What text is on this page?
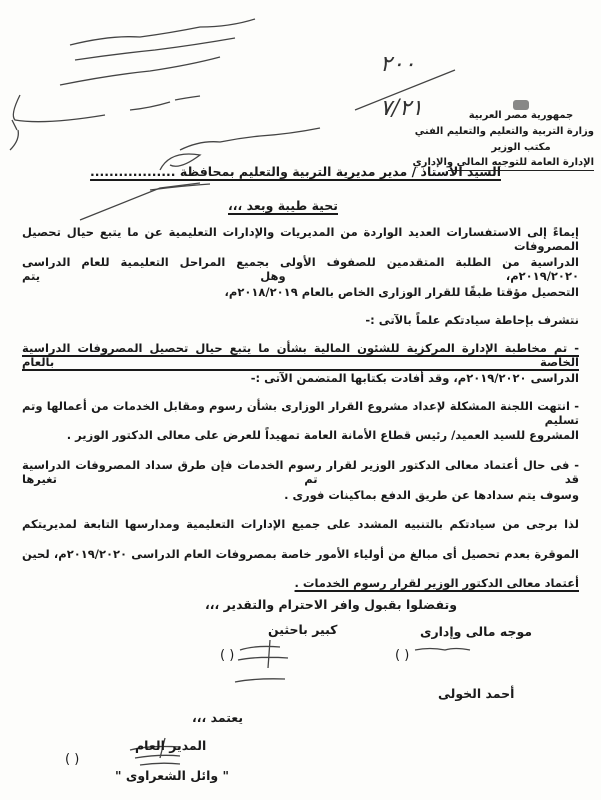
جمهورية مصر العربية
وزارة التربية والتعليم والتعليم الفني
مكتب الوزير
الإدارة العامة للتوجيه المالي والإداري
٢٠٠
٧/٢١
السيد الأستاذ / مدير مديرية التربية والتعليم بمحافظة ..................
تحية طيبة وبعد ،،،
إيماءً إلى الاستفسارات العديد الواردة من المديريات والإدارات التعليمية عن ما يتبع حيال تحصيل المصروفات
الدراسية من الطلبة المتقدمين للصفوف الأولى بجميع المراحل التعليمية للعام الدراسى ٢٠١٩/٢٠٢٠م، وهل يتم
التحصيل مؤقتا طبقًا للقرار الوزارى الخاص بالعام ٢٠١٨/٢٠١٩م،
نتشرف بإحاطة سيادتكم علماً بالآتى :-
- تم مخاطبة الإدارة المركزية للشئون المالية بشأن ما يتبع حيال تحصيل المصروفات الدراسية الخاصة بالعام
الدراسى ٢٠١٩/٢٠٢٠م، وقد أفادت بكتابها المتضمن الآتى :-
- انتهت اللجنة المشكلة لإعداد مشروع القرار الوزارى بشأن رسوم ومقابل الخدمات من أعمالها وتم تسليم
المشروع للسيد العميد/ رئيس قطاع الأمانة العامة تمهيداً للعرض على معالى الدكتور الوزير .
- فى حال أعتماد معالى الدكتور الوزير لقرار رسوم الخدمات فإن طرق سداد المصروفات الدراسية قد تم تغيرها
وسوف يتم سدادها عن طريق الدفع بماكينات فورى .
لذا برجى من سيادتكم بالتنبيه المشدد على جميع الإدارات التعليمية ومدارسها التابعة لمديريتكم
الموقرة بعدم تحصيل أى مبالغ من أولياء الأمور خاصة بمصروفات العام الدراسى ٢٠١٩/٢٠٢٠م، لحين
أعتماد معالى الدكتور الوزير لقرار رسوم الخدمات .
وتفضلوا بقبول وافر الاحترام والتقدير ،،،
كبير باحثين
( )
موجه مالى وإدارى
( )
أحمد الخولى
يعتمد ،،،
المدير العام
( )
" وائل الشعراوى "
